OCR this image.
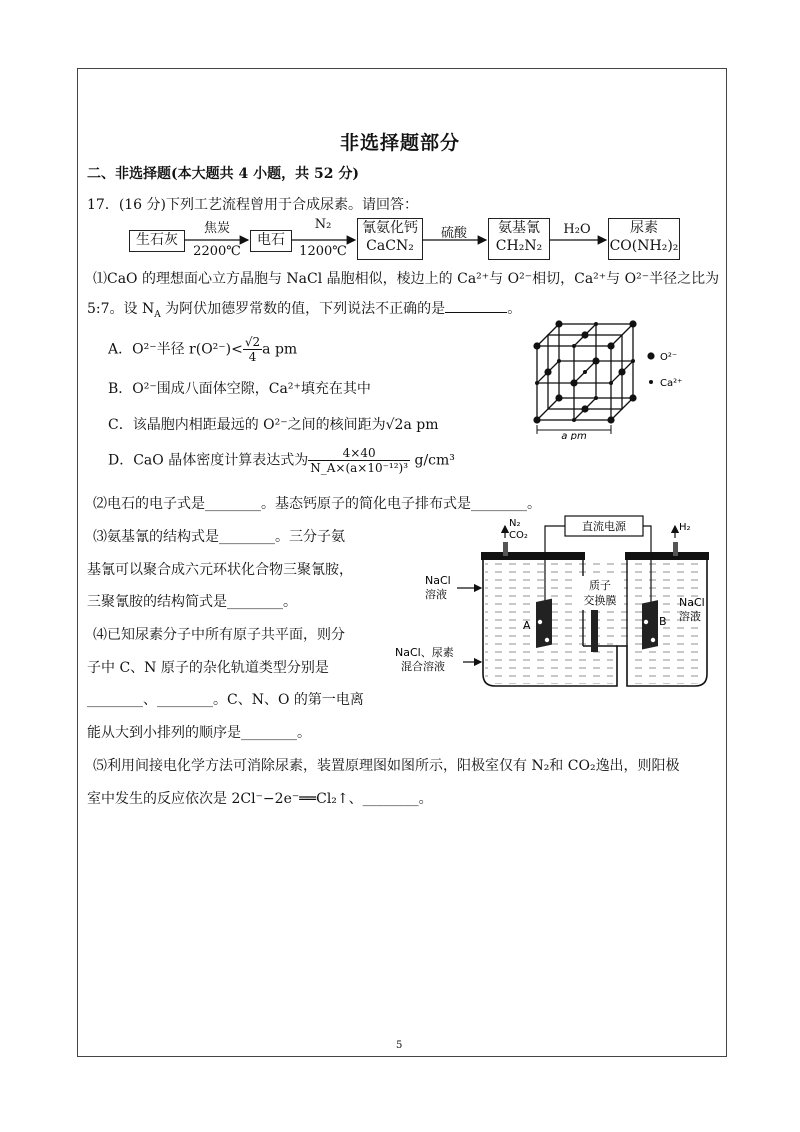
非选择题部分
二、非选择题(本大题共 4 小题，共 52 分)
17．(16 分)下列工艺流程曾用于合成尿素。请回答：
生石灰
焦炭
2200℃
电石
N₂
1200℃
氰氨化钙
CaCN₂
硫酸	氨基氰
CH₂N₂
H₂O	尿素
CO(NH₂)₂
⑴CaO 的理想面心立方晶胞与 NaCl 晶胞相似，棱边上的 Ca²⁺与 O²⁻相切，Ca²⁺与 O²⁻半径之比为
5:7。设 $N_A$ 为阿伏加德罗常数的值，下列说法不正确的是	。
A．O²⁻半径 $r(O^{2-})< \frac{√2}{4}$ a pm
B．O²⁻围成八面体空隙，Ca²⁺填充在其中
C．该晶胞内相距最远的 O²⁻之间的核间距为√2a pm
D．CaO 晶体密度计算表达式为 $\frac{4\times 40}{\text{N\_A×(a×10⁻¹²)³}} g/cm^3$
O²⁻
Ca²⁺
a pm
⑵电石的电子式是________。基态钙原子的简化电子排布式是________。
⑶氨基氰的结构式是________。三分子氨
基氰可以聚合成六元环状化合物三聚氰胺，
三聚氰胺的结构简式是________。
⑷已知尿素分子中所有原子共平面，则分
子中 C、N 原子的杂化轨道类型分别是
________、________。C、N、O 的第一电离
能从大到小排列的顺序是________。
⑸利用间接电化学方法可消除尿素，装置原理图如图所示，阳极室仅有 N₂和 CO₂逸出，则阳极
室中发生的反应依次是 2Cl⁻−2e⁻══Cl₂↑、________。
N₂
CO₂
H₂
直流电源
A	B
质子
交换膜	NaCl
溶液
NaCl
溶液
NaCl、尿素
混合溶液
5
